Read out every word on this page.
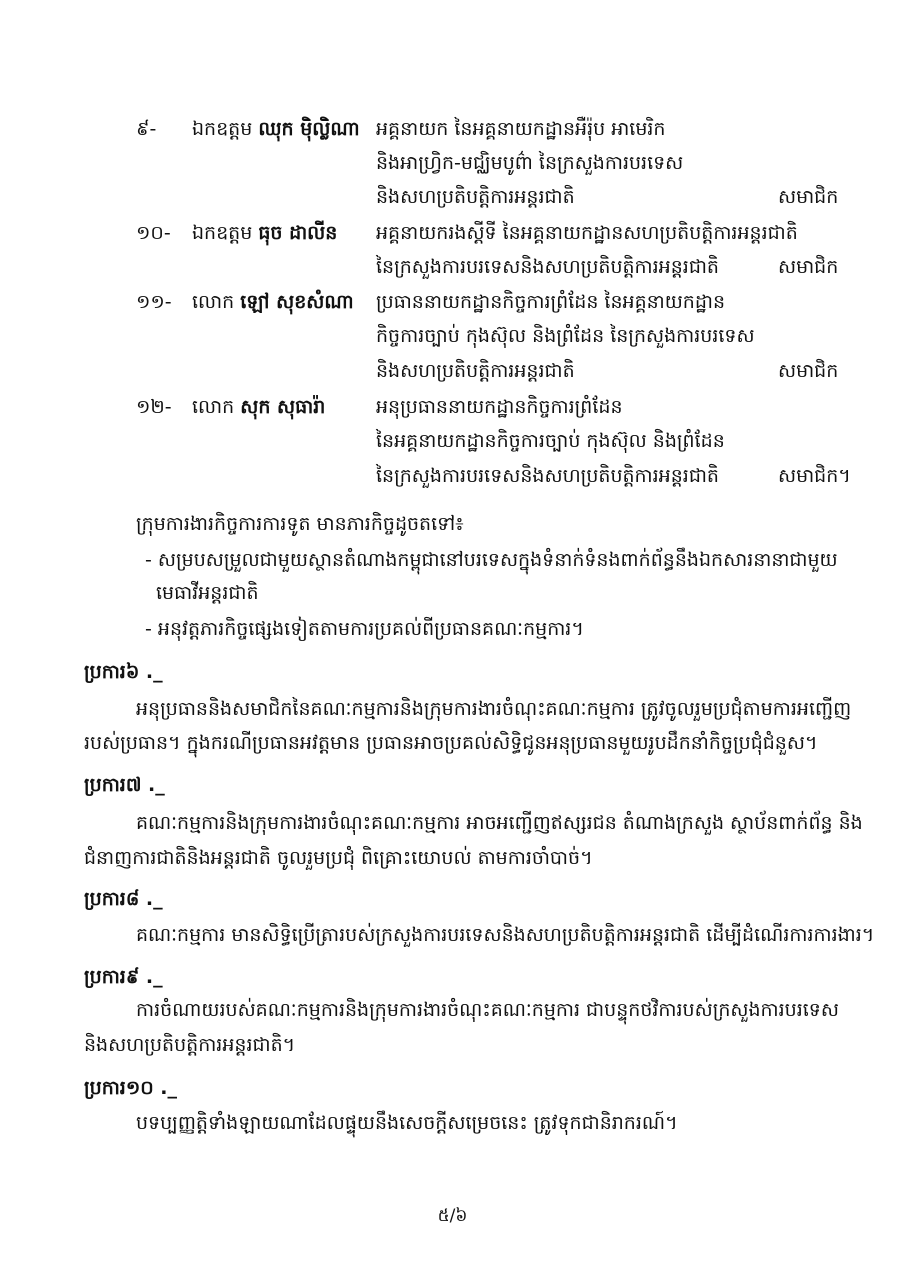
៩-	ឯកឧត្តម ឈុក ម៉ិល្លិណា អគ្គនាយក នៃអគ្គនាយកដ្ឋានអឺរ៉ុប អាមេរិក
និងអាហ្វ្រិក-មជ្ឈិមបូព៌ា នៃក្រសួងការបរទេស
និងសហប្រតិបត្តិការអន្តរជាតិ	សមាជិក
១០-	ឯកឧត្តម ធុច ដាលីន អគ្គនាយករងស្តីទី នៃអគ្គនាយកដ្ឋានសហប្រតិបត្តិការអន្តរជាតិ
នៃក្រសួងការបរទេសនិងសហប្រតិបត្តិការអន្តរជាតិ	សមាជិក
១១-	លោក ឡៅ សុខសំណា ប្រធាននាយកដ្ឋានកិច្ចការព្រំដែន នៃអគ្គនាយកដ្ឋាន
កិច្ចការច្បាប់ កុងស៊ុល និងព្រំដែន នៃក្រសួងការបរទេស
និងសហប្រតិបត្តិការអន្តរជាតិ	សមាជិក
១២-	លោក សុក សុធារ៉ា	អនុប្រធាននាយកដ្ឋានកិច្ចការព្រំដែន
នៃអគ្គនាយកដ្ឋានកិច្ចការច្បាប់ កុងស៊ុល និងព្រំដែន
នៃក្រសួងការបរទេសនិងសហប្រតិបត្តិការអន្តរជាតិ	សមាជិក។
ក្រុមការងារកិច្ចការការទូត មានភារកិច្ចដូចតទៅ៖
- សម្របសម្រួលជាមួយស្ថានតំណាងកម្ពុជានៅបរទេសក្នុងទំនាក់ទំនងពាក់ព័ន្ធនឹងឯកសារនានាជាមួយ
មេធាវីអន្តរជាតិ
- អនុវត្តភារកិច្ចផ្សេងទៀតតាមការប្រគល់ពីប្រធានគណៈកម្មការ។
ប្រការ៦ ._
អនុប្រធាននិងសមាជិកនៃគណៈកម្មការនិងក្រុមការងារចំណុះគណៈកម្មការ ត្រូវចូលរួមប្រជុំតាមការអញ្ជើញ
របស់ប្រធាន។ ក្នុងករណីប្រធានអវត្តមាន ប្រធានអាចប្រគល់សិទ្ធិជូនអនុប្រធានមួយរូបដឹកនាំកិច្ចប្រជុំជំនួស។
ប្រការ៧ ._
គណៈកម្មការនិងក្រុមការងារចំណុះគណៈកម្មការ អាចអញ្ជើញឥស្សរជន តំណាងក្រសួង ស្ថាប័នពាក់ព័ន្ធ និង
ជំនាញការជាតិនិងអន្តរជាតិ ចូលរួមប្រជុំ ពិគ្រោះយោបល់ តាមការចាំបាច់។
ប្រការ៨ ._
គណៈកម្មការ មានសិទ្ធិប្រើត្រារបស់ក្រសួងការបរទេសនិងសហប្រតិបត្តិការអន្តរជាតិ ដើម្បីដំណើរការការងារ។
ប្រការ៩ ._
ការចំណាយរបស់គណៈកម្មការនិងក្រុមការងារចំណុះគណៈកម្មការ ជាបន្ទុកថវិការបស់ក្រសួងការបរទេស
និងសហប្រតិបត្តិការអន្តរជាតិ។
ប្រការ១០ ._
បទប្បញ្ញត្តិទាំងឡាយណាដែលផ្ទុយនឹងសេចក្តីសម្រេចនេះ ត្រូវទុកជានិរាករណ៍។
៥/៦
